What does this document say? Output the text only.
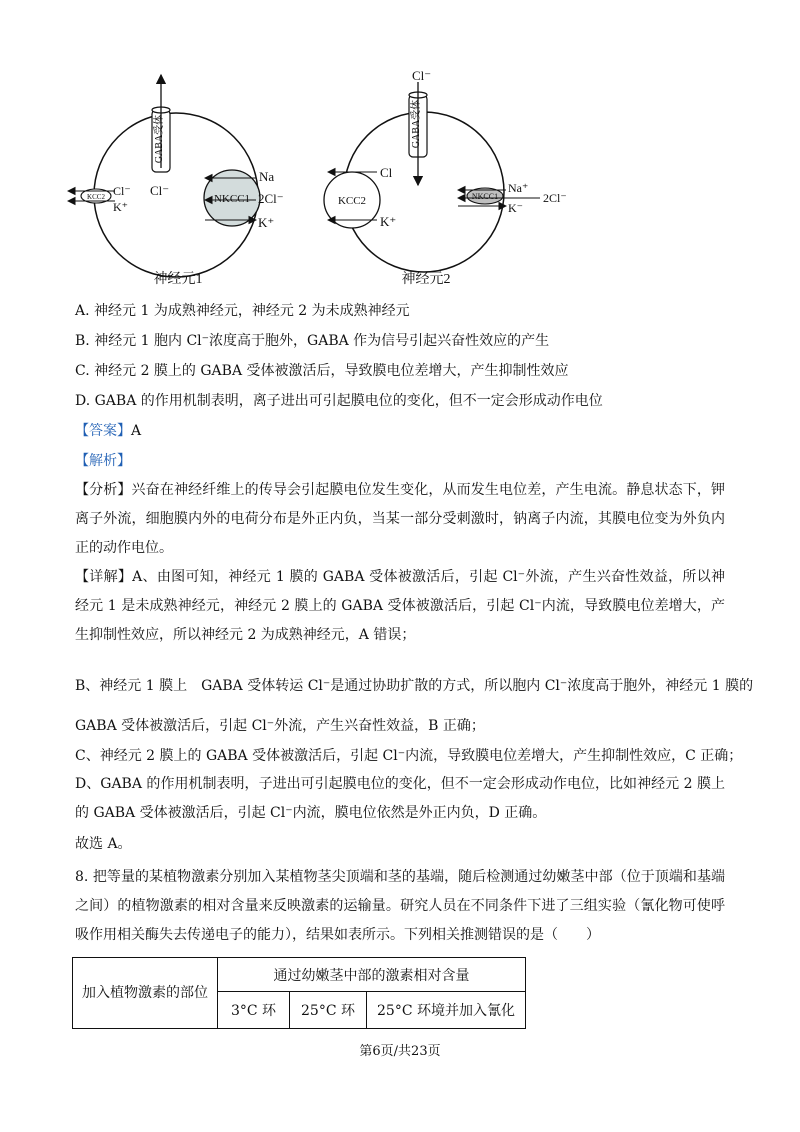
GABA受体
Cl⁻
KCC2 Cl⁻
K⁺
NKCC1
Na
2Cl⁻
K⁺
神经元1
Cl⁻
GABA受体
KCC2
Cl
K⁺
NKCC1
Na⁺
2Cl⁻
K⁻
神经元2
A. 神经元 1 为成熟神经元，神经元 2 为未成熟神经元
B. 神经元 1 胞内 Cl⁻浓度高于胞外，GABA 作为信号引起兴奋性效应的产生
C. 神经元 2 膜上的 GABA 受体被激活后，导致膜电位差增大，产生抑制性效应
D. GABA 的作用机制表明，离子进出可引起膜电位的变化，但不一定会形成动作电位
【答案】A
【解析】
【分析】兴奋在神经纤维上的传导会引起膜电位发生变化，从而发生电位差，产生电流。静息状态下，钾离子外流，细胞膜内外的电荷分布是外正内负，当某一部分受刺激时，钠离子内流，其膜电位变为外负内正的动作电位。
【详解】A、由图可知，神经元 1 膜的 GABA 受体被激活后，引起 Cl⁻外流，产生兴奋性效益，所以神经元 1 是未成熟神经元，神经元 2 膜上的 GABA 受体被激活后，引起 Cl⁻内流，导致膜电位差增大，产生抑制性效应，所以神经元 2 为成熟神经元，A 错误；
B、神经元 1 膜上　GABA 受体转运 Cl⁻是通过协助扩散的方式，所以胞内 Cl⁻浓度高于胞外，神经元 1 膜的
GABA 受体被激活后，引起 Cl⁻外流，产生兴奋性效益，B 正确；
C、神经元 2 膜上的 GABA 受体被激活后，引起 Cl⁻内流，导致膜电位差增大，产生抑制性效应，C 正确；
D、GABA 的作用机制表明，子进出可引起膜电位的变化，但不一定会形成动作电位，比如神经元 2 膜上的 GABA 受体被激活后，引起 Cl⁻内流，膜电位依然是外正内负，D 正确。
故选 A。
8. 把等量的某植物激素分别加入某植物茎尖顶端和茎的基端，随后检测通过幼嫩茎中部（位于顶端和基端之间）的植物激素的相对含量来反映激素的运输量。研究人员在不同条件下进了三组实验（氰化物可使呼吸作用相关酶失去传递电子的能力），结果如表所示。下列相关推测错误的是（　　）
加入植物激素的部位	通过幼嫩茎中部的激素相对含量		
	3°C 环	25°C 环	25°C 环境并加入氰化
第6页/共23页
